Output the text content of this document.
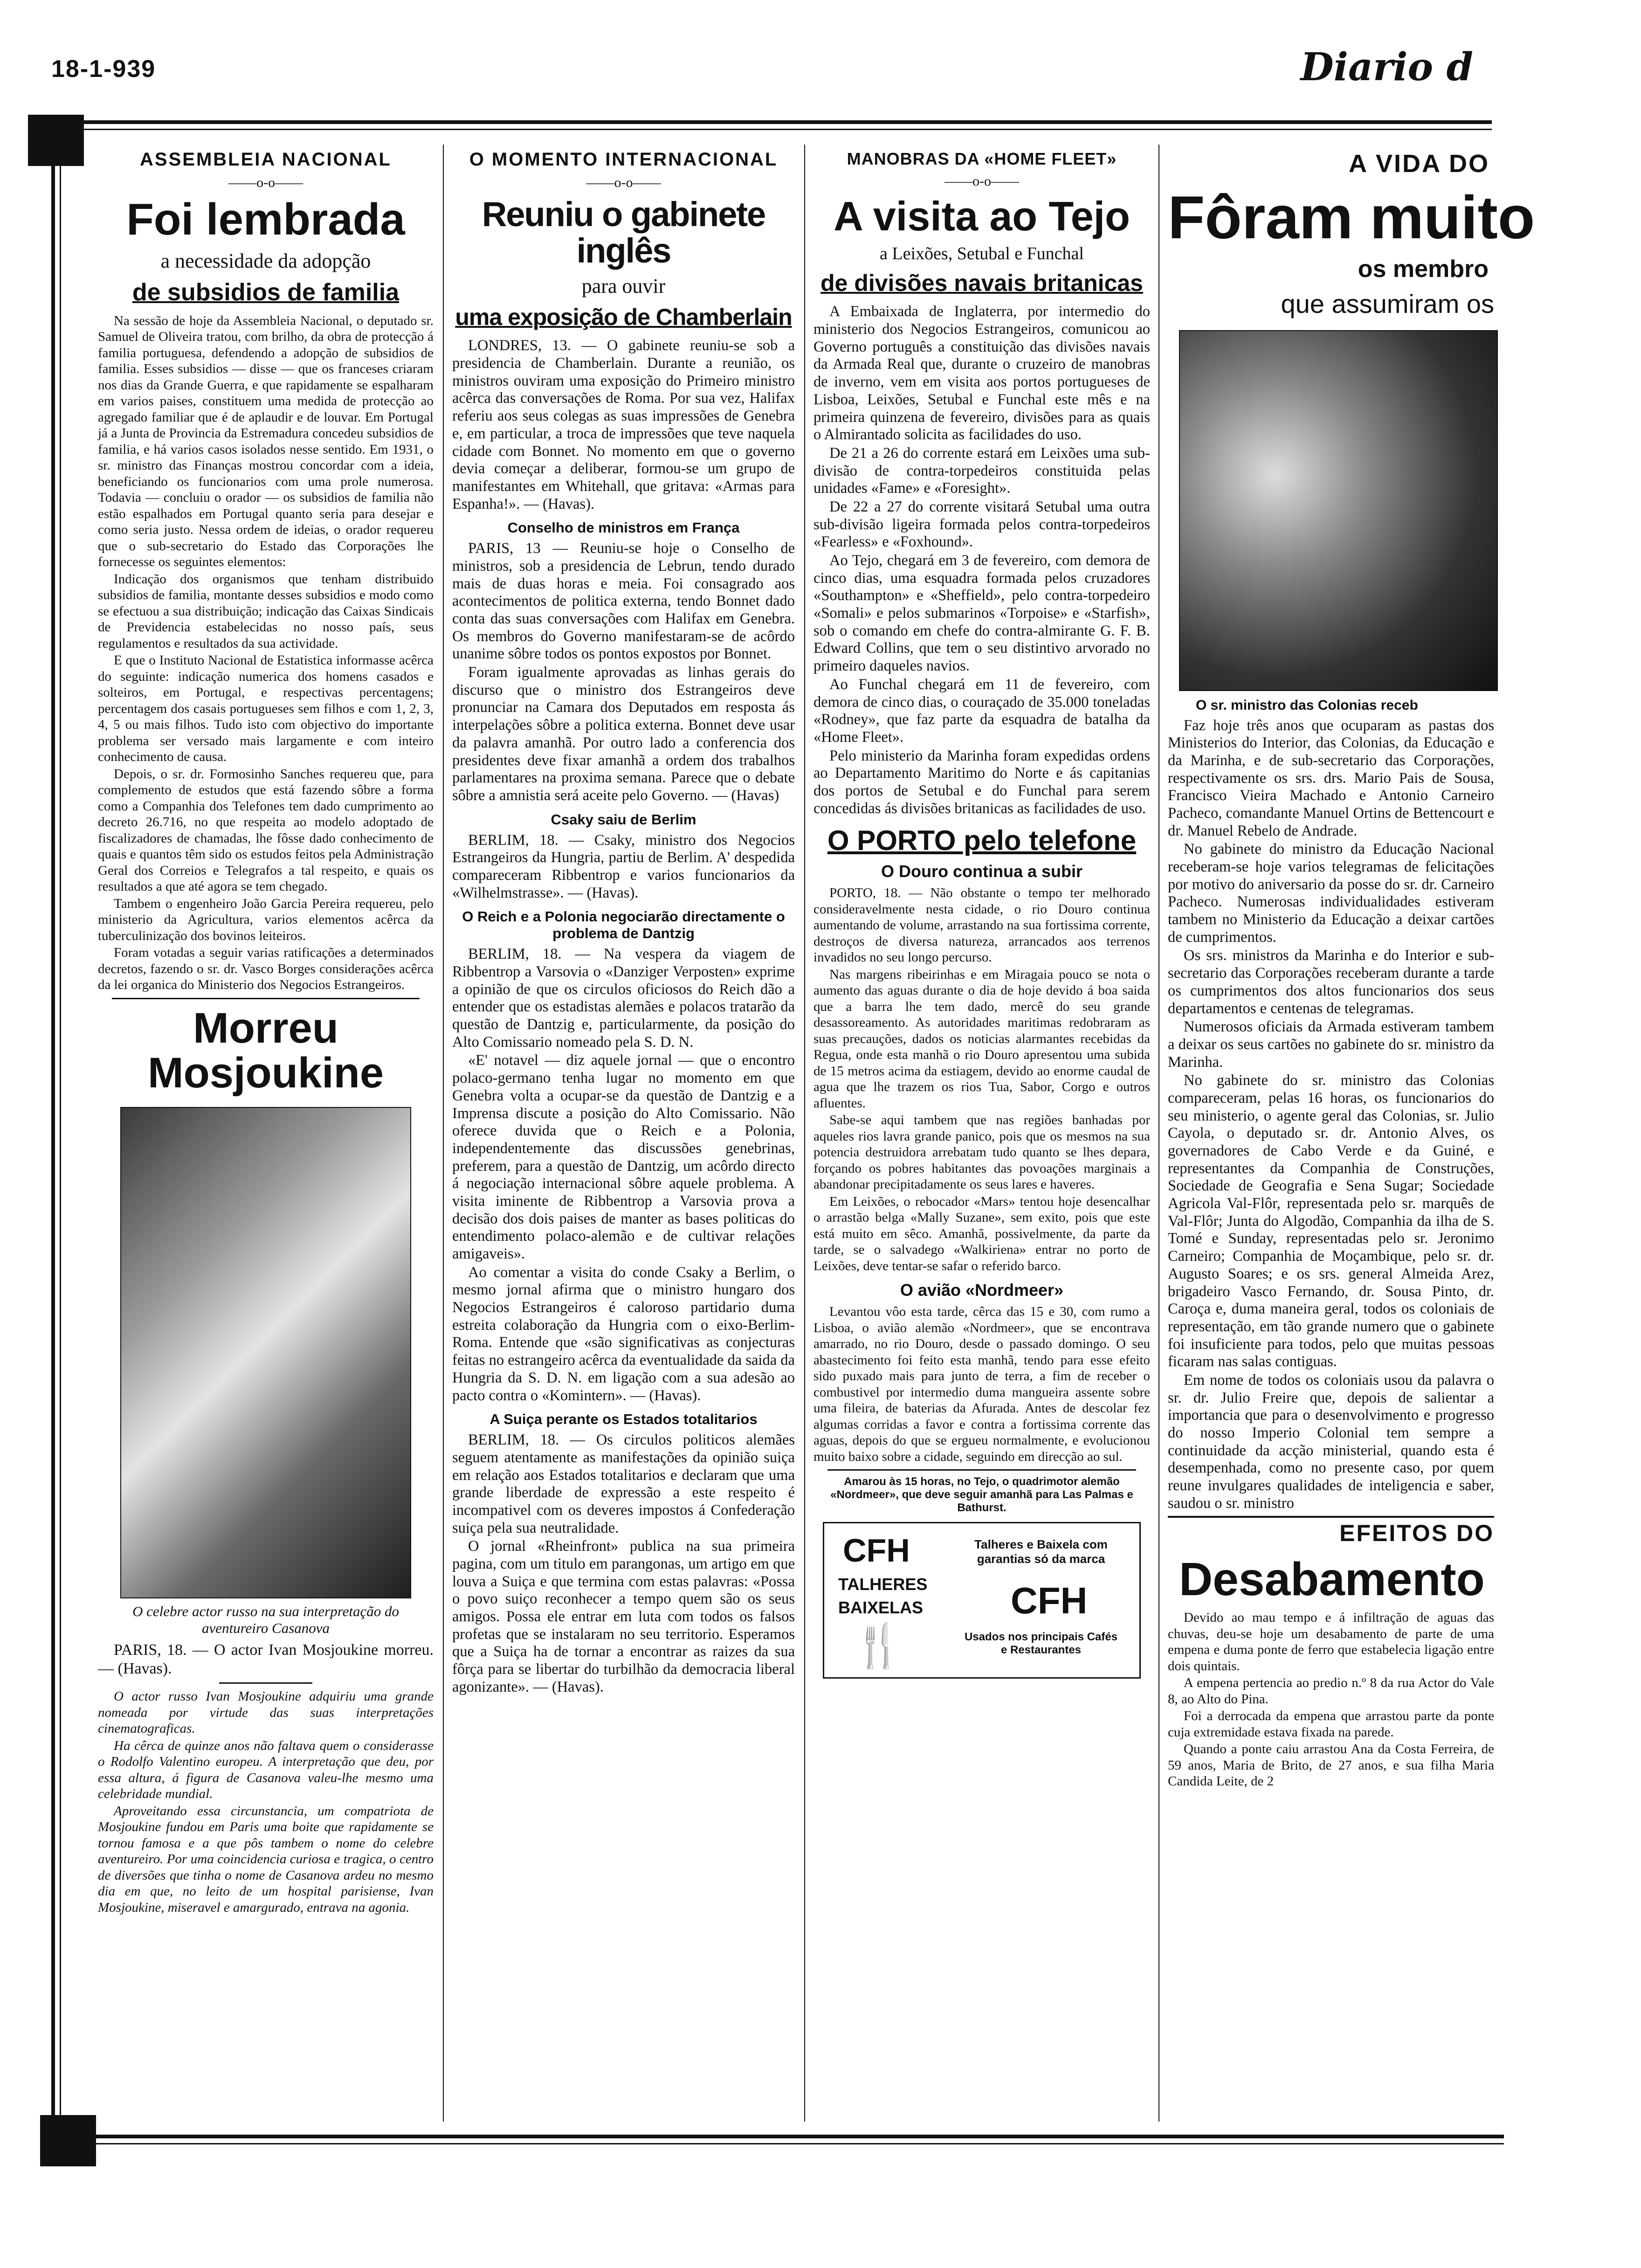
18-1-939	Diario d
ASSEMBLEIA NACIONAL
——o-o——
Foi lembrada
a necessidade da adopção
de subsidios de familia

Na sessão de hoje da Assembleia Nacional, o deputado sr. Samuel de Oliveira tratou, com brilho, da obra de protecção á familia portuguesa, defendendo a adopção de subsidios de familia. Esses subsidios — disse — que os franceses criaram nos dias da Grande Guerra, e que rapidamente se espalharam em varios paises, constituem uma medida de protecção ao agregado familiar que é de aplaudir e de louvar. Em Portugal já a Junta de Provincia da Estremadura concedeu subsidios de familia, e há varios casos isolados nesse sentido. Em 1931, o sr. ministro das Finanças mostrou concordar com a ideia, beneficiando os funcionarios com uma prole numerosa. Todavia — concluiu o orador — os subsidios de familia não estão espalhados em Portugal quanto seria para desejar e como seria justo. Nessa ordem de ideias, o orador requereu que o sub-secretario do Estado das Corporações lhe fornecesse os seguintes elementos:

Indicação dos organismos que tenham distribuido subsidios de familia, montante desses subsidios e modo como se efectuou a sua distribuição; indicação das Caixas Sindicais de Previdencia estabelecidas no nosso país, seus regulamentos e resultados da sua actividade.

E que o Instituto Nacional de Estatistica informasse acêrca do seguinte: indicação numerica dos homens casados e solteiros, em Portugal, e respectivas percentagens; percentagem dos casais portugueses sem filhos e com 1, 2, 3, 4, 5 ou mais filhos. Tudo isto com objectivo do importante problema ser versado mais largamente e com inteiro conhecimento de causa.

Depois, o sr. dr. Formosinho Sanches requereu que, para complemento de estudos que está fazendo sôbre a forma como a Companhia dos Telefones tem dado cumprimento ao decreto 26.716, no que respeita ao modelo adoptado de fiscalizadores de chamadas, lhe fôsse dado conhecimento de quais e quantos têm sido os estudos feitos pela Administração Geral dos Correios e Telegrafos a tal respeito, e quais os resultados a que até agora se tem chegado.

Tambem o engenheiro João Garcia Pereira requereu, pelo ministerio da Agricultura, varios elementos acêrca da tuberculinização dos bovinos leiteiros.

Foram votadas a seguir varias ratificações a determinados decretos, fazendo o sr. dr. Vasco Borges considerações acêrca da lei organica do Ministerio dos Negocios Estrangeiros.

Morreu Mosjoukine
O celebre actor russo na sua interpretação do aventureiro Casanova

PARIS, 18. — O actor Ivan Mosjoukine morreu. — (Havas).

O actor russo Ivan Mosjoukine adquiriu uma grande nomeada por virtude das suas interpretações cinematograficas.

Ha cêrca de quinze anos não faltava quem o considerasse o Rodolfo Valentino europeu. A interpretação que deu, por essa altura, á figura de Casanova valeu-lhe mesmo uma celebridade mundial.

Aproveitando essa circunstancia, um compatriota de Mosjoukine fundou em Paris uma boite que rapidamente se tornou famosa e a que pôs tambem o nome do celebre aventureiro. Por uma coincidencia curiosa e tragica, o centro de diversões que tinha o nome de Casanova ardeu no mesmo dia em que, no leito de um hospital parisiense, Ivan Mosjoukine, miseravel e amargurado, entrava na agonia.

O MOMENTO INTERNACIONAL
——o-o——
Reuniu o gabinete inglês
para ouvir
uma exposição de Chamberlain

LONDRES, 13. — O gabinete reuniu-se sob a presidencia de Chamberlain. Durante a reunião, os ministros ouviram uma exposição do Primeiro ministro acêrca das conversações de Roma. Por sua vez, Halifax referiu aos seus colegas as suas impressões de Genebra e, em particular, a troca de impressões que teve naquela cidade com Bonnet. No momento em que o governo devia começar a deliberar, formou-se um grupo de manifestantes em Whitehall, que gritava: «Armas para Espanha!». — (Havas).

Conselho de ministros em França

PARIS, 13 — Reuniu-se hoje o Conselho de ministros, sob a presidencia de Lebrun, tendo durado mais de duas horas e meia. Foi consagrado aos acontecimentos de politica externa, tendo Bonnet dado conta das suas conversações com Halifax em Genebra. Os membros do Governo manifestaram-se de acôrdo unanime sôbre todos os pontos expostos por Bonnet.

Foram igualmente aprovadas as linhas gerais do discurso que o ministro dos Estrangeiros deve pronunciar na Camara dos Deputados em resposta ás interpelações sôbre a politica externa. Bonnet deve usar da palavra amanhã. Por outro lado a conferencia dos presidentes deve fixar amanhã a ordem dos trabalhos parlamentares na proxima semana. Parece que o debate sôbre a amnistia será aceite pelo Governo. — (Havas)

Csaky saiu de Berlim

BERLIM, 18. — Csaky, ministro dos Negocios Estrangeiros da Hungria, partiu de Berlim. A' despedida compareceram Ribbentrop e varios funcionarios da «Wilhelmstrasse». — (Havas).

O Reich e a Polonia negociarão directamente o problema de Dantzig

BERLIM, 18. — Na vespera da viagem de Ribbentrop a Varsovia o «Danziger Verposten» exprime a opinião de que os circulos oficiosos do Reich dão a entender que os estadistas alemães e polacos tratarão da questão de Dantzig e, particularmente, da posição do Alto Comissario nomeado pela S. D. N.

«E' notavel — diz aquele jornal — que o encontro polaco-germano tenha lugar no momento em que Genebra volta a ocupar-se da questão de Dantzig e a Imprensa discute a posição do Alto Comissario. Não oferece duvida que o Reich e a Polonia, independentemente das discussões genebrinas, preferem, para a questão de Dantzig, um acôrdo directo á negociação internacional sôbre aquele problema. A visita iminente de Ribbentrop a Varsovia prova a decisão dos dois paises de manter as bases politicas do entendimento polaco-alemão e de cultivar relações amigaveis».

Ao comentar a visita do conde Csaky a Berlim, o mesmo jornal afirma que o ministro hungaro dos Negocios Estrangeiros é caloroso partidario duma estreita colaboração da Hungria com o eixo-Berlim-Roma. Entende que «são significativas as conjecturas feitas no estrangeiro acêrca da eventualidade da saida da Hungria da S. D. N. em ligação com a sua adesão ao pacto contra o «Komintern». — (Havas).

A Suiça perante os Estados totalitarios

BERLIM, 18. — Os circulos politicos alemães seguem atentamente as manifestações da opinião suiça em relação aos Estados totalitarios e declaram que uma grande liberdade de expressão a este respeito é incompativel com os deveres impostos á Confederação suiça pela sua neutralidade.

O jornal «Rheinfront» publica na sua primeira pagina, com um titulo em parangonas, um artigo em que louva a Suiça e que termina com estas palavras: «Possa o povo suiço reconhecer a tempo quem são os seus amigos. Possa ele entrar em luta com todos os falsos profetas que se instalaram no seu territorio. Esperamos que a Suiça ha de tornar a encontrar as raizes da sua fôrça para se libertar do turbilhão da democracia liberal agonizante». — (Havas).

MANOBRAS DA «HOME FLEET»
——o-o——
A visita ao Tejo
a Leixões, Setubal e Funchal
de divisões navais britanicas

A Embaixada de Inglaterra, por intermedio do ministerio dos Negocios Estrangeiros, comunicou ao Governo português a constituição das divisões navais da Armada Real que, durante o cruzeiro de manobras de inverno, vem em visita aos portos portugueses de Lisboa, Leixões, Setubal e Funchal este mês e na primeira quinzena de fevereiro, divisões para as quais o Almirantado solicita as facilidades do uso.

De 21 a 26 do corrente estará em Leixões uma sub-divisão de contra-torpedeiros constituida pelas unidades «Fame» e «Foresight».

De 22 a 27 do corrente visitará Setubal uma outra sub-divisão ligeira formada pelos contra-torpedeiros «Fearless» e «Foxhound».

Ao Tejo, chegará em 3 de fevereiro, com demora de cinco dias, uma esquadra formada pelos cruzadores «Southampton» e «Sheffield», pelo contra-torpedeiro «Somali» e pelos submarinos «Torpoise» e «Starfish», sob o comando em chefe do contra-almirante G. F. B. Edward Collins, que tem o seu distintivo arvorado no primeiro daqueles navios.

Ao Funchal chegará em 11 de fevereiro, com demora de cinco dias, o couraçado de 35.000 toneladas «Rodney», que faz parte da esquadra de batalha da «Home Fleet».

Pelo ministerio da Marinha foram expedidas ordens ao Departamento Maritimo do Norte e ás capitanias dos portos de Setubal e do Funchal para serem concedidas ás divisões britanicas as facilidades de uso.

O PORTO pelo telefone
O Douro continua a subir

PORTO, 18. — Não obstante o tempo ter melhorado consideravelmente nesta cidade, o rio Douro continua aumentando de volume, arrastando na sua fortissima corrente, destroços de diversa natureza, arrancados aos terrenos invadidos no seu longo percurso.

Nas margens ribeirinhas e em Miragaia pouco se nota o aumento das aguas durante o dia de hoje devido á boa saida que a barra lhe tem dado, mercê do seu grande desassoreamento. As autoridades maritimas redobraram as suas precauções, dados os noticias alarmantes recebidas da Regua, onde esta manhã o rio Douro apresentou uma subida de 15 metros acima da estiagem, devido ao enorme caudal de agua que lhe trazem os rios Tua, Sabor, Corgo e outros afluentes.

Sabe-se aqui tambem que nas regiões banhadas por aqueles rios lavra grande panico, pois que os mesmos na sua potencia destruidora arrebatam tudo quanto se lhes depara, forçando os pobres habitantes das povoações marginais a abandonar precipitadamente os seus lares e haveres.

Em Leixões, o rebocador «Mars» tentou hoje desencalhar o arrastão belga «Mally Suzane», sem exito, pois que este está muito em sêco. Amanhã, possivelmente, da parte da tarde, se o salvadego «Walkiriena» entrar no porto de Leixões, deve tentar-se safar o referido barco.

O avião «Nordmeer»

Levantou vôo esta tarde, cêrca das 15 e 30, com rumo a Lisboa, o avião alemão «Nordmeer», que se encontrava amarrado, no rio Douro, desde o passado domingo. O seu abastecimento foi feito esta manhã, tendo para esse efeito sido puxado mais para junto de terra, a fim de receber o combustivel por intermedio duma mangueira assente sobre uma fileira, de baterias da Afurada. Antes de descolar fez algumas corridas a favor e contra a fortissima corrente das aguas, depois do que se ergueu normalmente, e evolucionou muito baixo sobre a cidade, seguindo em direcção ao sul.

Amarou às 15 horas, no Tejo, o quadrimotor alemão «Nordmeer», que deve seguir amanhã para Las Palmas e Bathurst.
CFH
TALHERES
BAIXELAS
🍴
Talheres e Baixela com garantias só da marca
CFH
Usados nos principais Cafés e Restaurantes
A VIDA DO
Fôram muito
os membro
que assumiram os
O sr. ministro das Colonias receb

Faz hoje três anos que ocuparam as pastas dos Ministerios do Interior, das Colonias, da Educação e da Marinha, e de sub-secretario das Corporações, respectivamente os srs. drs. Mario Pais de Sousa, Francisco Vieira Machado e Antonio Carneiro Pacheco, comandante Manuel Ortins de Bettencourt e dr. Manuel Rebelo de Andrade.

No gabinete do ministro da Educação Nacional receberam-se hoje varios telegramas de felicitações por motivo do aniversario da posse do sr. dr. Carneiro Pacheco. Numerosas individualidades estiveram tambem no Ministerio da Educação a deixar cartões de cumprimentos.

Os srs. ministros da Marinha e do Interior e sub-secretario das Corporações receberam durante a tarde os cumprimentos dos altos funcionarios dos seus departamentos e centenas de telegramas.

Numerosos oficiais da Armada estiveram tambem a deixar os seus cartões no gabinete do sr. ministro da Marinha.

No gabinete do sr. ministro das Colonias compareceram, pelas 16 horas, os funcionarios do seu ministerio, o agente geral das Colonias, sr. Julio Cayola, o deputado sr. dr. Antonio Alves, os governadores de Cabo Verde e da Guiné, e representantes da Companhia de Construções, Sociedade de Geografia e Sena Sugar; Sociedade Agricola Val-Flôr, representada pelo sr. marquês de Val-Flôr; Junta do Algodão, Companhia da ilha de S. Tomé e Sunday, representadas pelo sr. Jeronimo Carneiro; Companhia de Moçambique, pelo sr. dr. Augusto Soares; e os srs. general Almeida Arez, brigadeiro Vasco Fernando, dr. Sousa Pinto, dr. Caroça e, duma maneira geral, todos os coloniais de representação, em tão grande numero que o gabinete foi insuficiente para todos, pelo que muitas pessoas ficaram nas salas contiguas.

Em nome de todos os coloniais usou da palavra o sr. dr. Julio Freire que, depois de salientar a importancia que para o desenvolvimento e progresso do nosso Imperio Colonial tem sempre a continuidade da acção ministerial, quando esta é desempenhada, como no presente caso, por quem reune invulgares qualidades de inteligencia e saber, saudou o sr. ministro

EFEITOS DO
Desabamento

Devido ao mau tempo e á infiltração de aguas das chuvas, deu-se hoje um desabamento de parte de uma empena e duma ponte de ferro que estabelecia ligação entre dois quintais.

A empena pertencia ao predio n.º 8 da rua Actor do Vale 8, ao Alto do Pina.

Foi a derrocada da empena que arrastou parte da ponte cuja extremidade estava fixada na parede.

Quando a ponte caiu arrastou Ana da Costa Ferreira, de 59 anos, Maria de Brito, de 27 anos, e sua filha Maria Candida Leite, de 2
